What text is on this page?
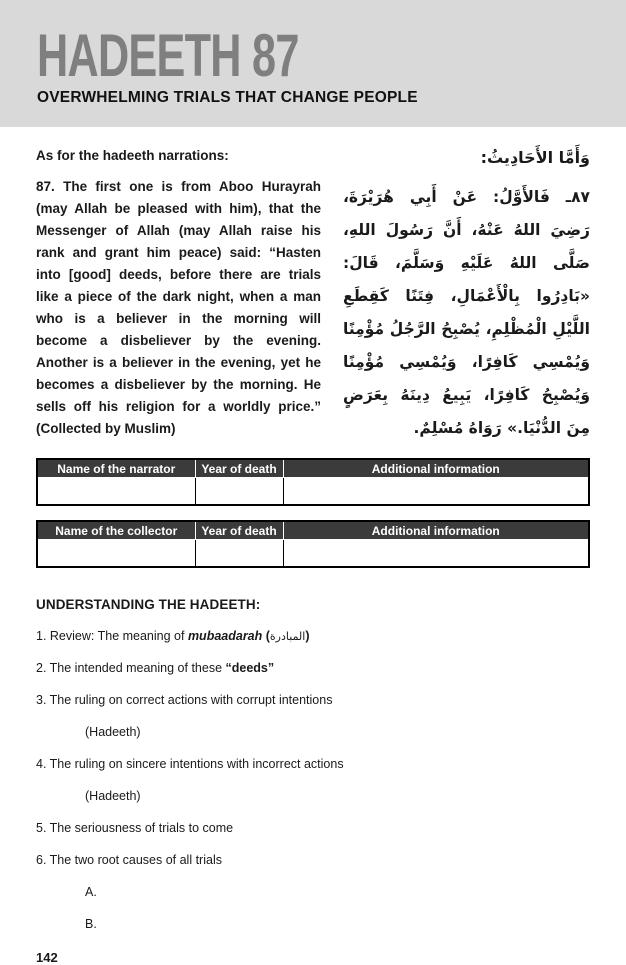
HADEETH 87
OVERWHELMING TRIALS THAT CHANGE PEOPLE

As for the hadeeth narrations:

87. The first one is from Aboo Hurayrah (may Allah be pleased with him), that the Messenger of Allah (may Allah raise his rank and grant him peace) said: “Hasten into [good] deeds, before there are trials like a piece of the dark night, when a man who is a believer in the morning will become a disbeliever by the evening. Another is a believer in the evening, yet he becomes a disbeliever by the morning. He sells off his religion for a worldly price.” (Collected by Muslim)

وَأَمَّا الأَحَادِيثُ:

٨٧ـ فَالأَوَّلُ: عَنْ أَبِي هُرَيْرَةَ، رَضِيَ اللهُ عَنْهُ، أَنَّ رَسُولَ اللهِ، صَلَّى اللهُ عَلَيْهِ وَسَلَّمَ، قَالَ: «بَادِرُوا بِالْأَعْمَالِ، فِتَنًا كَقِطَعِ اللَّيْلِ الْمُظْلِمِ، يُصْبِحُ الرَّجُلُ مُؤْمِنًا وَيُمْسِي كَافِرًا، وَيُمْسِي مُؤْمِنًا وَيُصْبِحُ كَافِرًا، يَبِيعُ دِينَهُ بِعَرَضٍ مِنَ الدُّنْيَا.» رَوَاهُ مُسْلِمٌ.

Name of the narrator	Year of death	Additional information

Name of the collector	Year of death	Additional information

UNDERSTANDING THE HADEETH:

1. Review: The meaning of mubaadarah (المبادرة)

2. The intended meaning of these “deeds”

3. The ruling on correct actions with corrupt intentions

(Hadeeth)

4. The ruling on sincere intentions with incorrect actions

(Hadeeth)

5. The seriousness of trials to come

6. The two root causes of all trials

A.

B.

142
